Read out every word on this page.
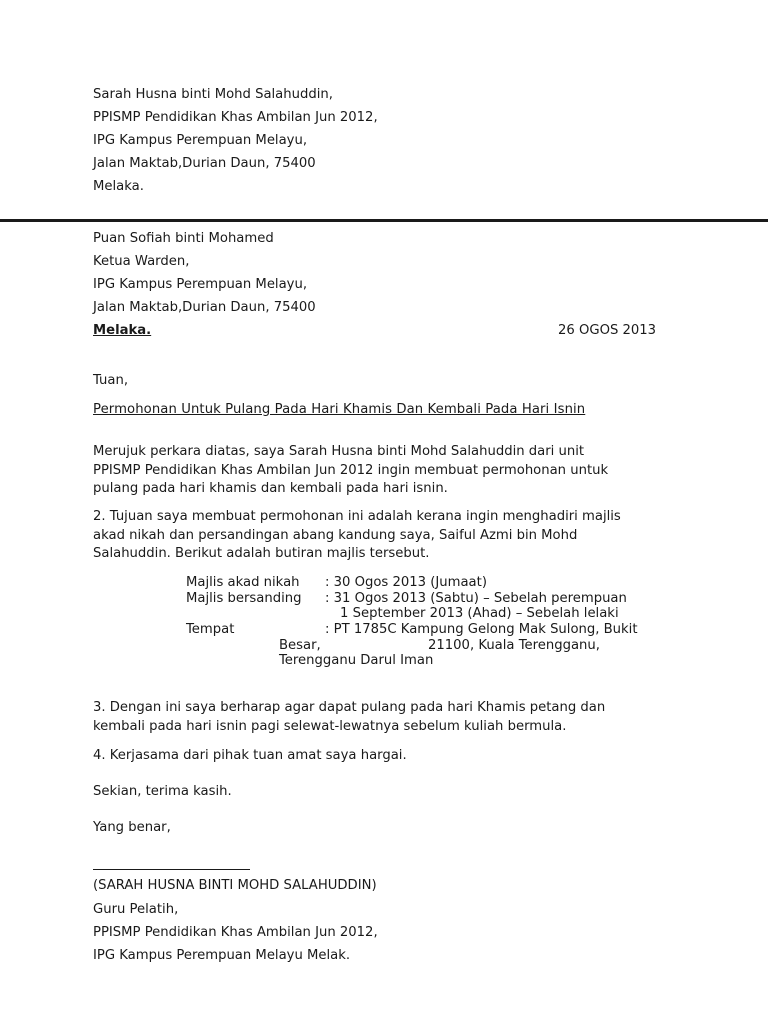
Sarah Husna binti Mohd Salahuddin,
PPISMP Pendidikan Khas Ambilan Jun 2012,
IPG Kampus Perempuan Melayu,
Jalan Maktab,Durian Daun, 75400
Melaka.
Puan Sofiah binti Mohamed
Ketua Warden,
IPG Kampus Perempuan Melayu,
Jalan Maktab,Durian Daun, 75400
Melaka.	26 OGOS 2013
Tuan,
Permohonan Untuk Pulang Pada Hari Khamis Dan Kembali Pada Hari Isnin
Merujuk perkara diatas, saya Sarah Husna binti Mohd Salahuddin dari unit
PPISMP Pendidikan Khas Ambilan Jun 2012 ingin membuat permohonan untuk
pulang pada hari khamis dan kembali pada hari isnin.
2. Tujuan saya membuat permohonan ini adalah kerana ingin menghadiri majlis
akad nikah dan persandingan abang kandung saya, Saiful Azmi bin Mohd
Salahuddin. Berikut adalah butiran majlis tersebut.
Majlis akad nikah : 30 Ogos 2013 (Jumaat)
Majlis bersanding : 31 Ogos 2013 (Sabtu) – Sebelah perempuan
1 September 2013 (Ahad) – Sebelah lelaki
Tempat	: PT 1785C Kampung Gelong Mak Sulong, Bukit
Besar,	21100, Kuala Terengganu,
Terengganu Darul Iman
3. Dengan ini saya berharap agar dapat pulang pada hari Khamis petang dan
kembali pada hari isnin pagi selewat-lewatnya sebelum kuliah bermula.
4. Kerjasama dari pihak tuan amat saya hargai.
Sekian, terima kasih.
Yang benar,
(SARAH HUSNA BINTI MOHD SALAHUDDIN)
Guru Pelatih,
PPISMP Pendidikan Khas Ambilan Jun 2012,
IPG Kampus Perempuan Melayu Melak.
